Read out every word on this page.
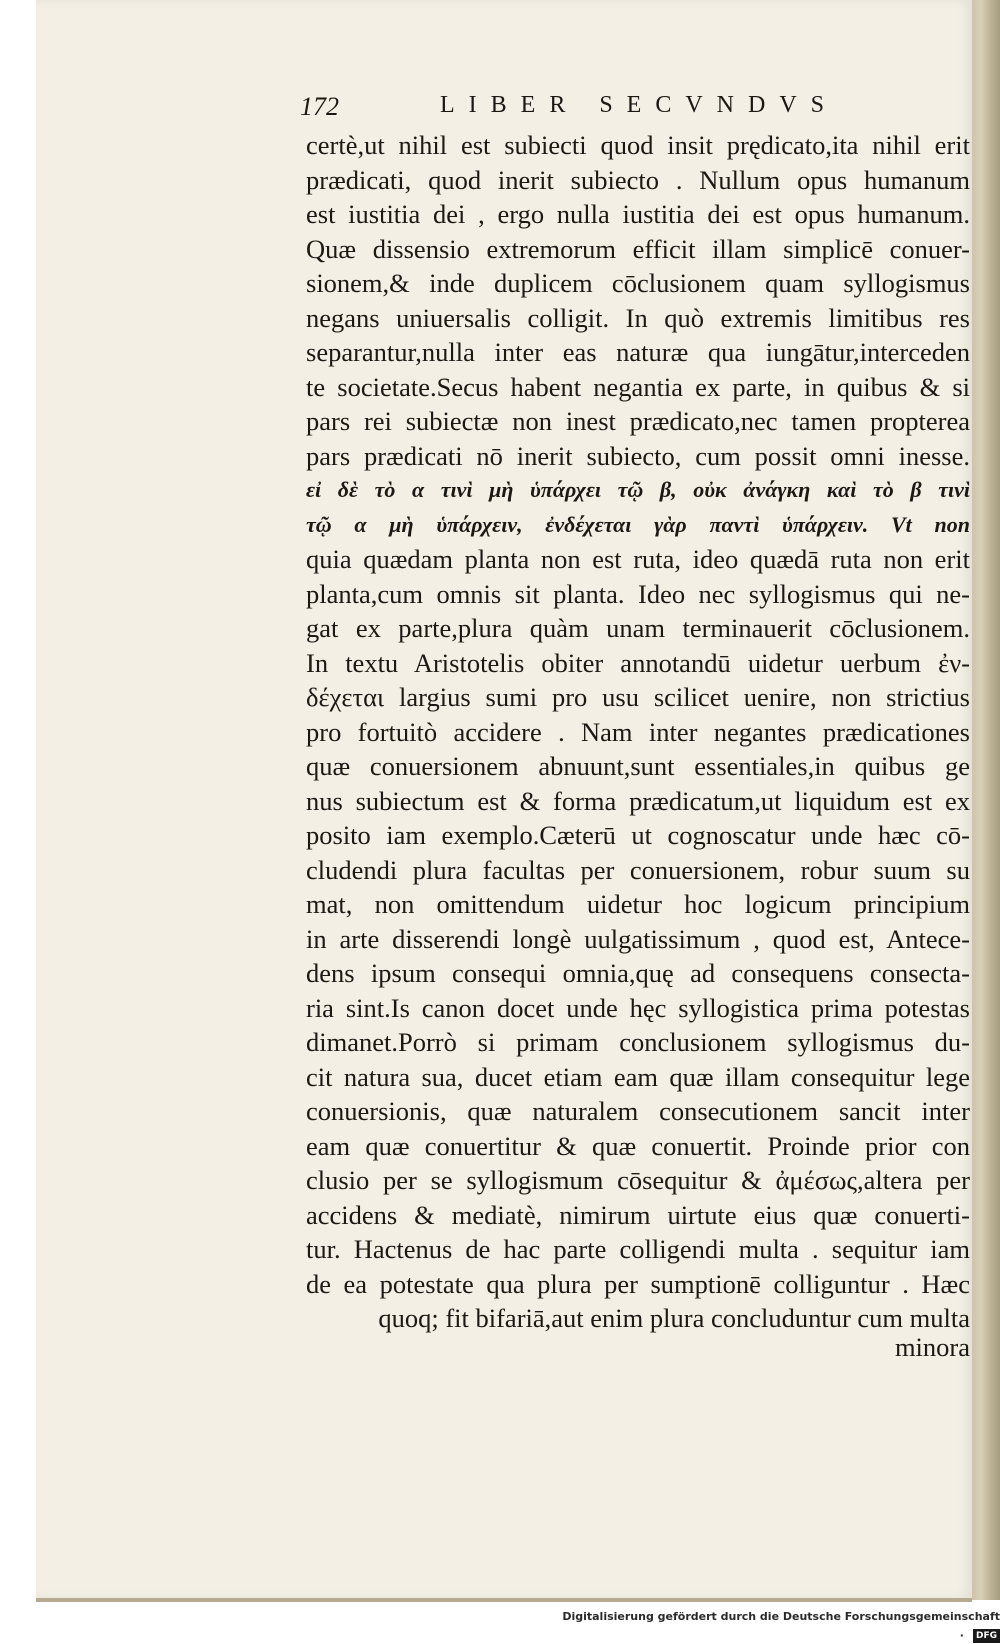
172	LIBER SECVNDVS
certè,ut nihil est subiecti quod insit prędicato,ita nihil erit
prædicati, quod inerit subiecto . Nullum opus humanum
est iustitia dei , ergo nulla iustitia dei est opus humanum.
Quæ dissensio extremorum efficit illam simplicē conuer-
sionem,& inde duplicem cōclusionem quam syllogismus
negans uniuersalis colligit. In quò extremis limitibus res
separantur,nulla inter eas naturæ qua iungātur,interceden
te societate.Secus habent negantia ex parte, in quibus & si
pars rei subiectæ non inest prædicato,nec tamen propterea
pars prædicati nō inerit subiecto, cum possit omni inesse.
εἰ δὲ τὸ α τινὶ μὴ ὑπάρχει τῷ β, οὐκ ἀνάγκη καὶ τὸ β τινὶ
τῷ α μὴ ὑπάρχειν, ἐνδέχεται γὰρ παντὶ ὑπάρχειν. Vt non
quia quædam planta non est ruta, ideo quædā ruta non erit
planta,cum omnis sit planta. Ideo nec syllogismus qui ne-
gat ex parte,plura quàm unam terminauerit cōclusionem.
In textu Aristotelis obiter annotandū uidetur uerbum ἐν-
δέχεται largius sumi pro usu scilicet uenire, non strictius
pro fortuitò accidere . Nam inter negantes prædicationes
quæ conuersionem abnuunt,sunt essentiales,in quibus ge
nus subiectum est & forma prædicatum,ut liquidum est ex
posito iam exemplo.Cæterū ut cognoscatur unde hæc cō-
cludendi plura facultas per conuersionem, robur suum su
mat, non omittendum uidetur hoc logicum principium
in arte disserendi longè uulgatissimum , quod est, Antece-
dens ipsum consequi omnia,quę ad consequens consecta-
ria sint.Is canon docet unde hęc syllogistica prima potestas
dimanet.Porrò si primam conclusionem syllogismus du-
cit natura sua, ducet etiam eam quæ illam consequitur lege
conuersionis, quæ naturalem consecutionem sancit inter
eam quæ conuertitur & quæ conuertit. Proinde prior con
clusio per se syllogismum cōsequitur & ἀμέσως,altera per
accidens & mediatè, nimirum uirtute eius quæ conuerti-
tur. Hactenus de hac parte colligendi multa . sequitur iam
de ea potestate qua plura per sumptionē colliguntur . Hæc
quoq; fit bifariā,aut enim plura concluduntur cum multa
minora
Digitalisierung gefördert durch die Deutsche Forschungsgemeinschaft · DFG
